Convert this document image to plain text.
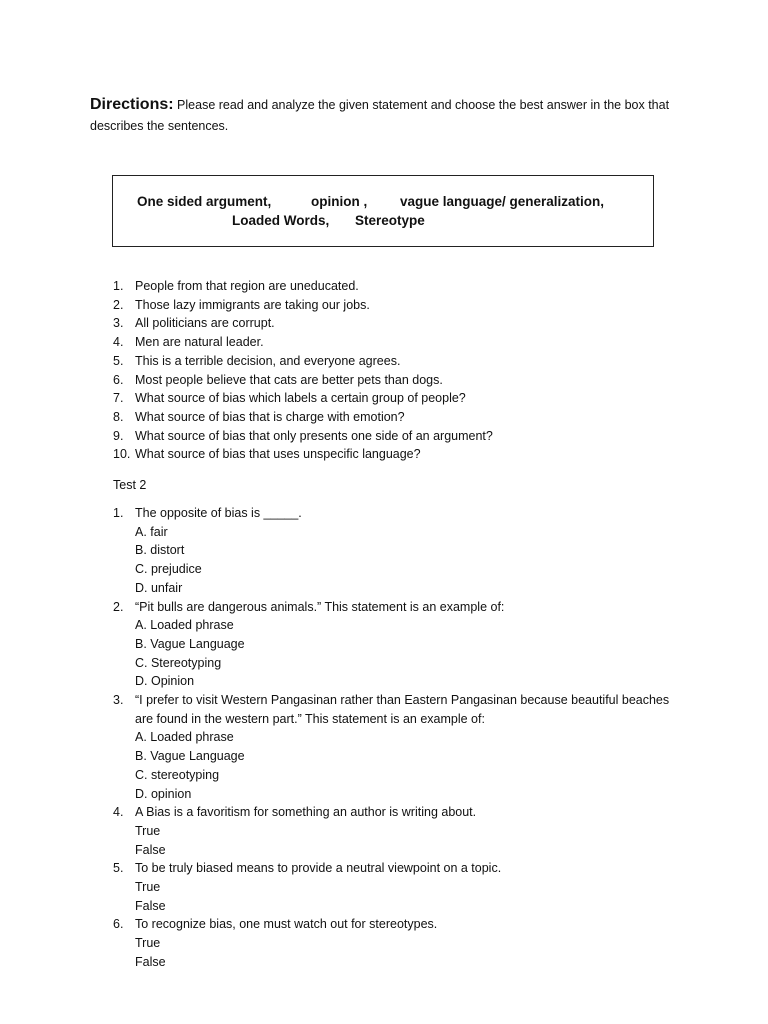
Directions: Please read and analyze the given statement and choose the best answer in the box that describes the sentences.
One sided argument,	opinion , vague language/ generalization,
Loaded Words, Stereotype
1. People from that region are uneducated.
2. Those lazy immigrants are taking our jobs.
3. All politicians are corrupt.
4. Men are natural leader.
5. This is a terrible decision, and everyone agrees.
6. Most people believe that cats are better pets than dogs.
7. What source of bias which labels a certain group of people?
8. What source of bias that is charge with emotion?
9. What source of bias that only presents one side of an argument?
10. What source of bias that uses unspecific language?
Test 2
1. The opposite of bias is _____.
A. fair
B. distort
C. prejudice
D. unfair
2. “Pit bulls are dangerous animals.” This statement is an example of:
A. Loaded phrase
B. Vague Language
C. Stereotyping
D. Opinion
3. “I prefer to visit Western Pangasinan rather than Eastern Pangasinan because beautiful beaches are found in the western part.” This statement is an example of:
A. Loaded phrase
B. Vague Language
C. stereotyping
D. opinion
4. A Bias is a favoritism for something an author is writing about.
True
False
5. To be truly biased means to provide a neutral viewpoint on a topic.
True
False
6. To recognize bias, one must watch out for stereotypes.
True
False
